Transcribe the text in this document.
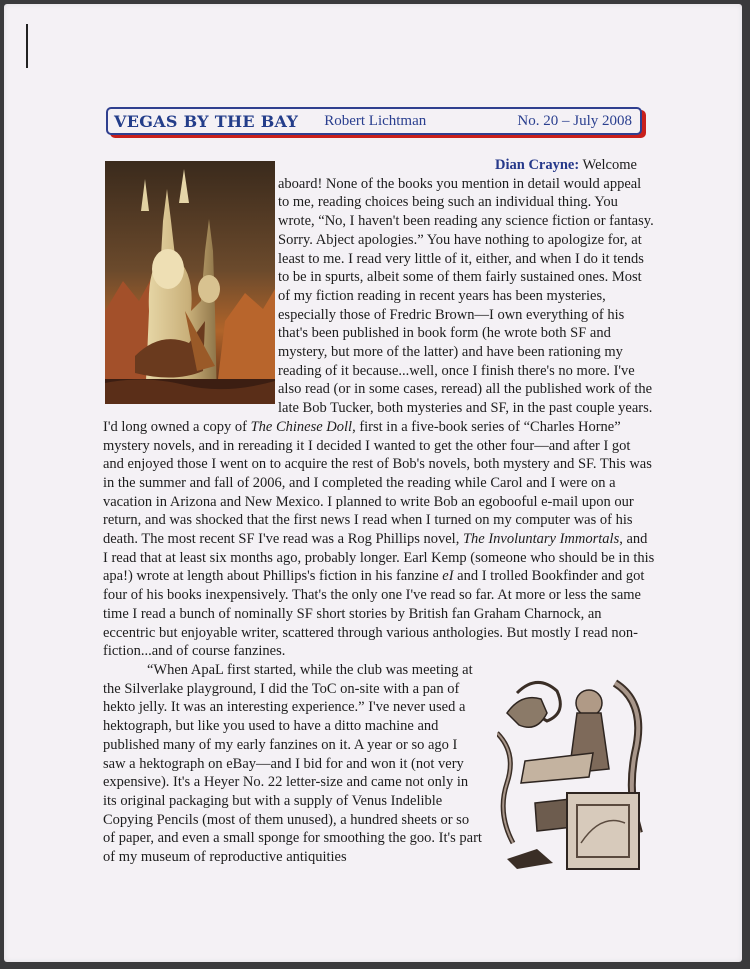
VEGAS BY THE BAY Robert Lichtman	No. 20 – July 2008

Dian Crayne: Welcome aboard! None of the books you mention in detail would appeal to me, reading choices being such an individual thing. You wrote, “No, I haven't been reading any science fiction or fantasy. Sorry. Abject apologies.” You have nothing to apologize for, at least to me. I read very little of it, either, and when I do it tends to be in spurts, albeit some of them fairly sustained ones. Most of my fiction reading in recent years has been mysteries, especially those of Fredric Brown—I own everything of his that's been published in book form (he wrote both SF and mystery, but more of the latter) and have been rationing my reading of it because...well, once I finish there's no more. I've also read (or in some cases, reread) all the published work of the late Bob Tucker, both mysteries and SF, in the past couple years. I'd long owned a copy of The Chinese Doll, first in a five-book series of “Charles Horne” mystery novels, and in rereading it I decided I wanted to get the other four—and after I got and enjoyed those I went on to acquire the rest of Bob's novels, both mystery and SF. This was in the summer and fall of 2006, and I completed the reading while Carol and I were on a vacation in Arizona and New Mexico. I planned to write Bob an egobooful e-mail upon our return, and was shocked that the first news I read when I turned on my computer was of his death. The most recent SF I've read was a Rog Phillips novel, The Involuntary Immortals, and I read that at least six months ago, probably longer. Earl Kemp (someone who should be in this apa!) wrote at length about Phillips's fiction in his fanzine eI and I trolled Bookfinder and got four of his books inexpensively. That's the only one I've read so far. At more or less the same time I read a bunch of nominally SF short stories by British fan Graham Charnock, an eccentric but enjoyable writer, scattered through various anthologies. But mostly I read non-fiction...and of course fanzines.

“When ApaL first started, while the club was meeting at the Silverlake playground, I did the ToC on-site with a pan of hekto jelly. It was an interesting experience.” I've never used a hektograph, but like you used to have a ditto machine and published many of my early fanzines on it. A year or so ago I saw a hektograph on eBay—and I bid for and won it (not very expensive). It's a Heyer No. 22 letter-size and came not only in its original packaging but with a supply of Venus Indelible Copying Pencils (most of them unused), a hundred sheets or so of paper, and even a small sponge for smoothing the goo. It's part of my museum of reproductive antiquities
